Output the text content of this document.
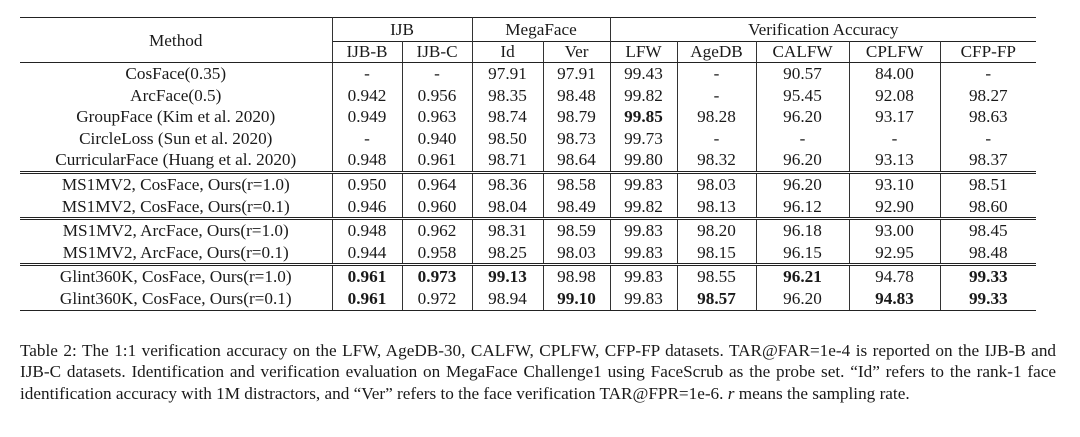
Method	IJB		MegaFace		Verification Accuracy				
	IJB-B	IJB-C	Id	Ver	LFW	AgeDB	CALFW	CPLFW	CFP-FP
CosFace(0.35)	-	-	97.91	97.91	99.43	-	90.57	84.00	-
ArcFace(0.5)	0.942	0.956	98.35	98.48	99.82	-	95.45	92.08	98.27
GroupFace (Kim et al. 2020)	0.949	0.963	98.74	98.79	99.85	98.28	96.20	93.17	98.63
CircleLoss (Sun et al. 2020)	-	0.940	98.50	98.73	99.73	-	-	-	-
CurricularFace (Huang et al. 2020)	0.948	0.961	98.71	98.64	99.80	98.32	96.20	93.13	98.37
MS1MV2, CosFace, Ours(r=1.0)	0.950	0.964	98.36	98.58	99.83	98.03	96.20	93.10	98.51
MS1MV2, CosFace, Ours(r=0.1)	0.946	0.960	98.04	98.49	99.82	98.13	96.12	92.90	98.60
MS1MV2, ArcFace, Ours(r=1.0)	0.948	0.962	98.31	98.59	99.83	98.20	96.18	93.00	98.45
MS1MV2, ArcFace, Ours(r=0.1)	0.944	0.958	98.25	98.03	99.83	98.15	96.15	92.95	98.48
Glint360K, CosFace, Ours(r=1.0)	0.961	0.973	99.13	98.98	99.83	98.55	96.21	94.78	99.33
Glint360K, CosFace, Ours(r=0.1)	0.961	0.972	98.94	99.10	99.83	98.57	96.20	94.83	99.33
Table 2: The 1:1 verification accuracy on the LFW, AgeDB-30, CALFW, CPLFW, CFP-FP datasets. TAR@FAR=1e-4 is reported on the IJB-B and IJB-C datasets. Identification and verification evaluation on MegaFace Challenge1 using FaceScrub as the probe set. “Id” refers to the rank-1 face identification accuracy with 1M distractors, and “Ver” refers to the face verification TAR@FPR=1e-6. r means the sampling rate.
